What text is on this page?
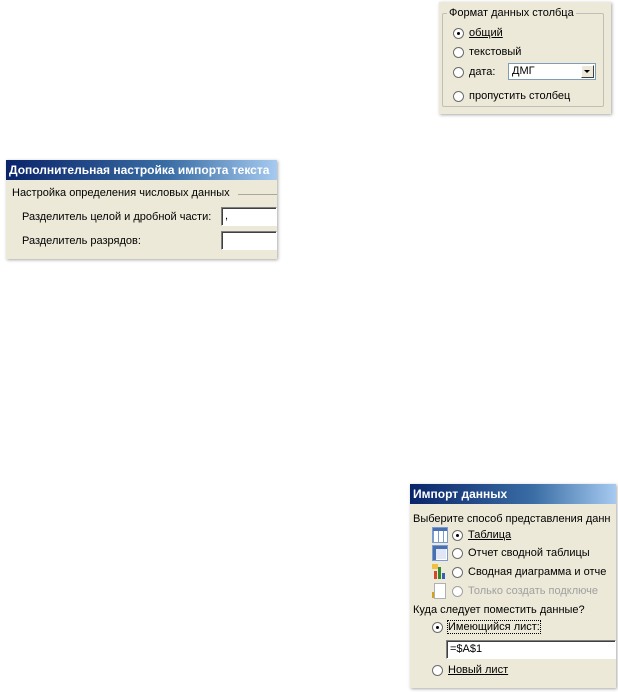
Формат данных столбца
общий
текстовый
дата: ДМГ
пропустить столбец
Дополнительная настройка импорта текста
Настройка определения числовых данных
Разделитель целой и дробной части:	,
Разделитель разрядов:
Импорт данных
Выберите способ представления данн
Таблица
Отчет сводной таблицы
Сводная диаграмма и отче
Только создать подключе
Куда следует поместить данные?
Имеющийся лист:
=$A$1
Новый лист
